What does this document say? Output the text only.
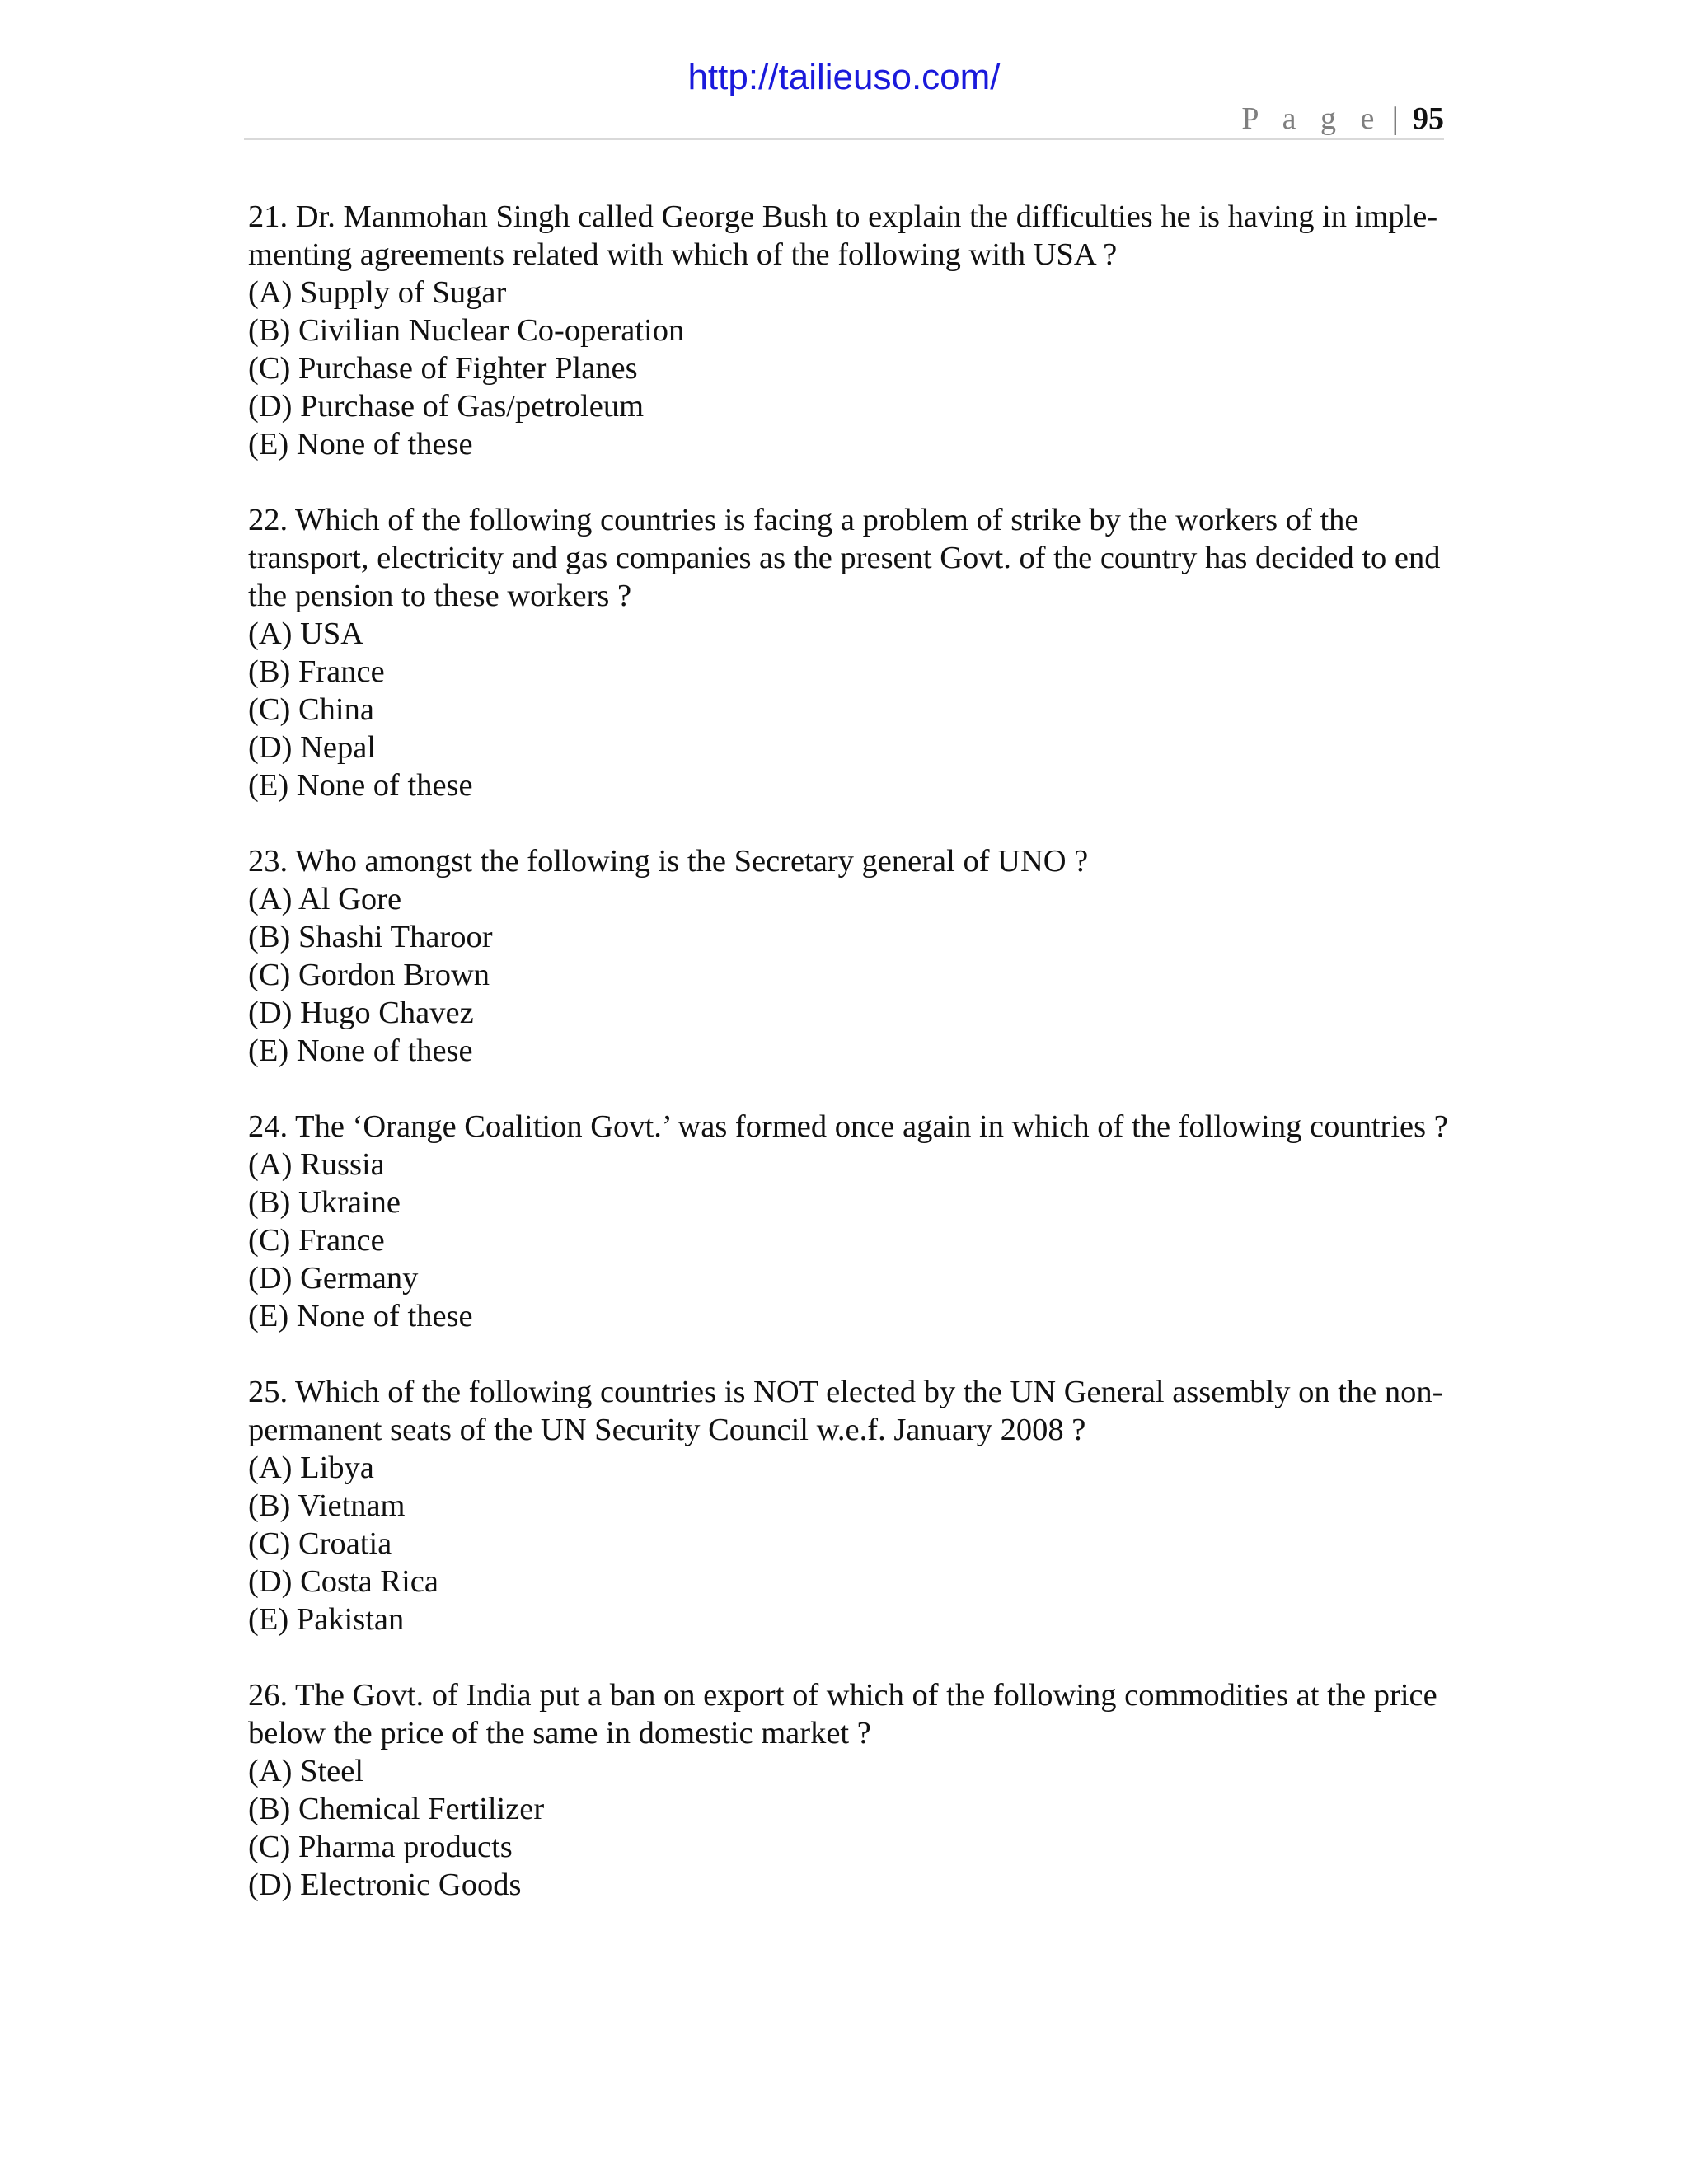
http://tailieuso.com/
P a g e | 95

21. Dr. Manmohan Singh called George Bush to explain the difficulties he is having in imple-menting agreements related with which of the following with USA ?

(A) Supply of Sugar

(B) Civilian Nuclear Co-operation

(C) Purchase of Fighter Planes

(D) Purchase of Gas/petroleum

(E) None of these

22. Which of the following countries is facing a problem of strike by the workers of the transport, electricity and gas companies as the present Govt. of the country has decided to end the pension to these workers ?

(A) USA

(B) France

(C) China

(D) Nepal

(E) None of these

23. Who amongst the following is the Secretary general of UNO ?

(A) Al Gore

(B) Shashi Tharoor

(C) Gordon Brown

(D) Hugo Chavez

(E) None of these

24. The ‘Orange Coalition Govt.’ was formed once again in which of the following countries ?

(A) Russia

(B) Ukraine

(C) France

(D) Germany

(E) None of these

25. Which of the following countries is NOT elected by the UN General assembly on the non-permanent seats of the UN Security Council w.e.f. January 2008 ?

(A) Libya

(B) Vietnam

(C) Croatia

(D) Costa Rica

(E) Pakistan

26. The Govt. of India put a ban on export of which of the following commodities at the price below the price of the same in domestic market ?

(A) Steel

(B) Chemical Fertilizer

(C) Pharma products

(D) Electronic Goods
